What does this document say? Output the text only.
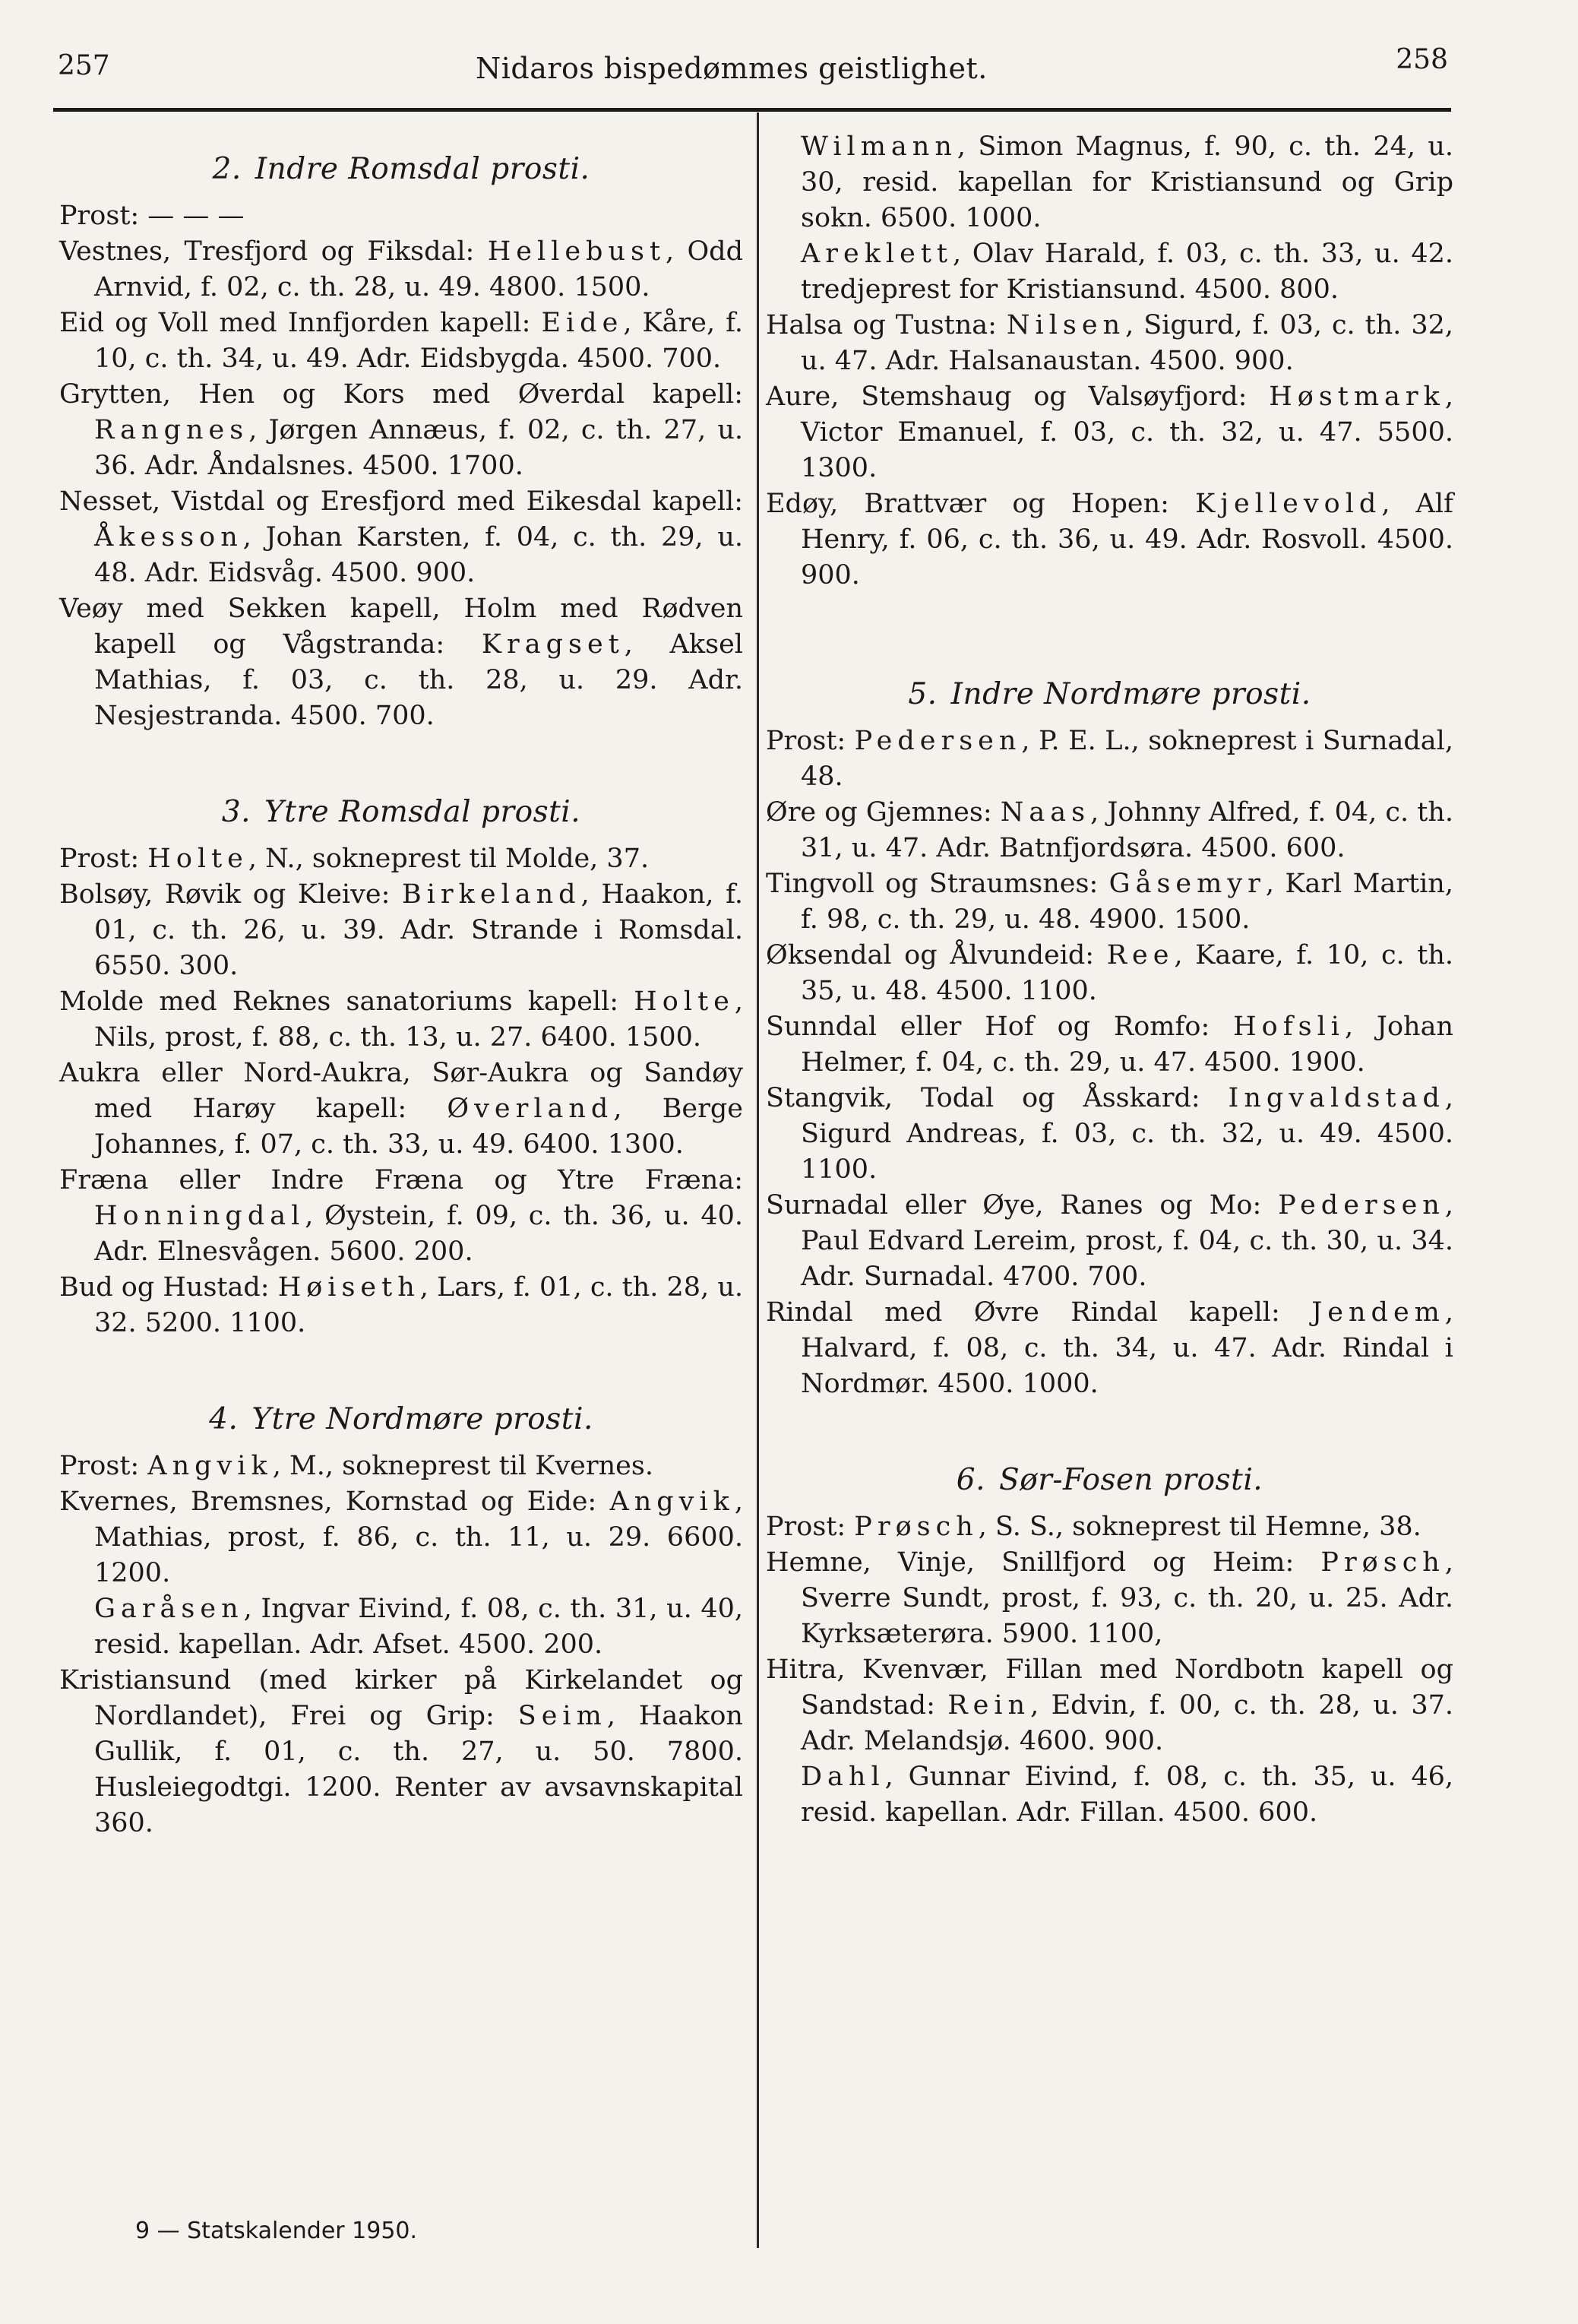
257	Nidaros bispedømmes geistlighet.	258
2. Indre Romsdal prosti.

Prost: — — —

Vestnes, Tresfjord og Fiksdal: Hellebust, Odd Arnvid, f. 02, c. th. 28, u. 49. 4800. 1500.

Eid og Voll med Innfjorden kapell: Eide, Kåre, f. 10, c. th. 34, u. 49. Adr. Eidsbygda. 4500. 700.

Grytten, Hen og Kors med Øverdal kapell: Rangnes, Jørgen Annæus, f. 02, c. th. 27, u. 36. Adr. Åndalsnes. 4500. 1700.

Nesset, Vistdal og Eresfjord med Eikesdal kapell: Åkesson, Johan Karsten, f. 04, c. th. 29, u. 48. Adr. Eidsvåg. 4500. 900.

Veøy med Sekken kapell, Holm med Rødven kapell og Vågstranda: Kragset, Aksel Mathias, f. 03, c. th. 28, u. 29. Adr. Nesjestranda. 4500. 700.

3. Ytre Romsdal prosti.

Prost: Holte, N., sokneprest til Molde, 37.

Bolsøy, Røvik og Kleive: Birkeland, Haakon, f. 01, c. th. 26, u. 39. Adr. Strande i Romsdal. 6550. 300.

Molde med Reknes sanatoriums kapell: Holte, Nils, prost, f. 88, c. th. 13, u. 27. 6400. 1500.

Aukra eller Nord-Aukra, Sør-Aukra og Sandøy med Harøy kapell: Øverland, Berge Johannes, f. 07, c. th. 33, u. 49. 6400. 1300.

Fræna eller Indre Fræna og Ytre Fræna: Honningdal, Øystein, f. 09, c. th. 36, u. 40. Adr. Elnesvågen. 5600. 200.

Bud og Hustad: Høiseth, Lars, f. 01, c. th. 28, u. 32. 5200. 1100.

4. Ytre Nordmøre prosti.

Prost: Angvik, M., sokneprest til Kvernes.

Kvernes, Bremsnes, Kornstad og Eide: Angvik, Mathias, prost, f. 86, c. th. 11, u. 29. 6600. 1200.

Garåsen, Ingvar Eivind, f. 08, c. th. 31, u. 40, resid. kapellan. Adr. Afset. 4500. 200.

Kristiansund (med kirker på Kirkelandet og Nordlandet), Frei og Grip: Seim, Haakon Gullik, f. 01, c. th. 27, u. 50. 7800. Husleiegodtgi. 1200. Renter av avsavnskapital 360.

Wilmann, Simon Magnus, f. 90, c. th. 24, u. 30, resid. kapellan for Kristiansund og Grip sokn. 6500. 1000.

Areklett, Olav Harald, f. 03, c. th. 33, u. 42. tredjeprest for Kristiansund. 4500. 800.

Halsa og Tustna: Nilsen, Sigurd, f. 03, c. th. 32, u. 47. Adr. Halsanaustan. 4500. 900.

Aure, Stemshaug og Valsøyfjord: Høstmark, Victor Emanuel, f. 03, c. th. 32, u. 47. 5500. 1300.

Edøy, Brattvær og Hopen: Kjellevold, Alf Henry, f. 06, c. th. 36, u. 49. Adr. Rosvoll. 4500. 900.

5. Indre Nordmøre prosti.

Prost: Pedersen, P. E. L., sokneprest i Surnadal, 48.

Øre og Gjemnes: Naas, Johnny Alfred, f. 04, c. th. 31, u. 47. Adr. Batnfjordsøra. 4500. 600.

Tingvoll og Straumsnes: Gåsemyr, Karl Martin, f. 98, c. th. 29, u. 48. 4900. 1500.

Øksendal og Ålvundeid: Ree, Kaare, f. 10, c. th. 35, u. 48. 4500. 1100.

Sunndal eller Hof og Romfo: Hofsli, Johan Helmer, f. 04, c. th. 29, u. 47. 4500. 1900.

Stangvik, Todal og Åsskard: Ingvaldstad, Sigurd Andreas, f. 03, c. th. 32, u. 49. 4500. 1100.

Surnadal eller Øye, Ranes og Mo: Pedersen, Paul Edvard Lereim, prost, f. 04, c. th. 30, u. 34. Adr. Surnadal. 4700. 700.

Rindal med Øvre Rindal kapell: Jendem, Halvard, f. 08, c. th. 34, u. 47. Adr. Rindal i Nordmør. 4500. 1000.

6. Sør-Fosen prosti.

Prost: Prøsch, S. S., sokneprest til Hemne, 38.

Hemne, Vinje, Snillfjord og Heim: Prøsch, Sverre Sundt, prost, f. 93, c. th. 20, u. 25. Adr. Kyrksæterøra. 5900. 1100,

Hitra, Kvenvær, Fillan med Nordbotn kapell og Sandstad: Rein, Edvin, f. 00, c. th. 28, u. 37. Adr. Melandsjø. 4600. 900.

Dahl, Gunnar Eivind, f. 08, c. th. 35, u. 46, resid. kapellan. Adr. Fillan. 4500. 600.

9 — Statskalender 1950.
